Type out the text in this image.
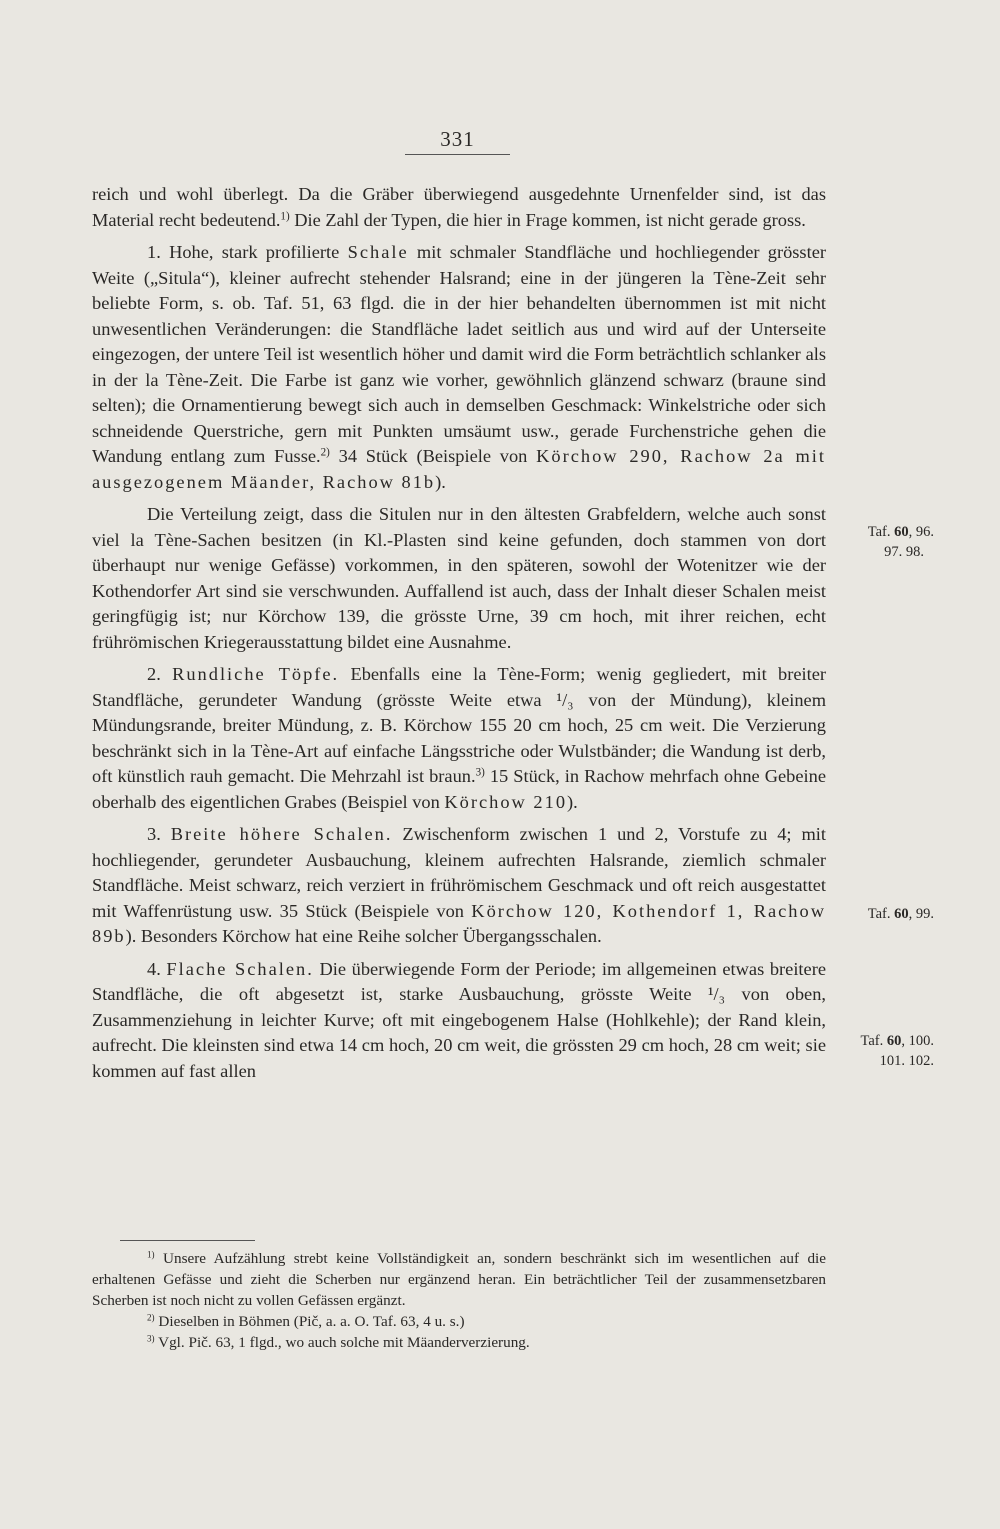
331

reich und wohl überlegt. Da die Gräber überwiegend ausgedehnte Urnenfelder sind, ist das Material recht bedeutend.$^{1)}$ Die Zahl der Typen, die hier in Frage kommen, ist nicht gerade gross.

1. Hohe, stark profilierte Schale mit schmaler Standfläche und hochliegender grösster Weite („Situla“), kleiner aufrecht stehender Halsrand; eine in der jüngeren la Tène-Zeit sehr beliebte Form, s. ob. Taf. 51, 63 flgd. die in der hier behandelten übernommen ist mit nicht unwesentlichen Veränderungen: die Standfläche ladet seitlich aus und wird auf der Unterseite eingezogen, der untere Teil ist wesentlich höher und damit wird die Form beträchtlich schlanker als in der la Tène-Zeit. Die Farbe ist ganz wie vorher, gewöhnlich glänzend schwarz (braune sind selten); die Ornamentierung bewegt sich auch in demselben Geschmack: Winkelstriche oder sich schneidende Querstriche, gern mit Punkten umsäumt usw., gerade Furchenstriche gehen die Wandung entlang zum Fusse.$^{2)}$ 34 Stück (Beispiele von Körchow 290, Rachow 2a mit ausgezogenem Mäander, Rachow 81b).

Die Verteilung zeigt, dass die Situlen nur in den ältesten Grabfeldern, welche auch sonst viel la Tène-Sachen besitzen (in Kl.-Plasten sind keine gefunden, doch stammen von dort überhaupt nur wenige Gefässe) vorkommen, in den späteren, sowohl der Wotenitzer wie der Kothendorfer Art sind sie verschwunden. Auffallend ist auch, dass der Inhalt dieser Schalen meist geringfügig ist; nur Körchow 139, die grösste Urne, 39 cm hoch, mit ihrer reichen, echt frührömischen Kriegerausstattung bildet eine Ausnahme.

2. Rundliche Töpfe. Ebenfalls eine la Tène-Form; wenig gegliedert, mit breiter Standfläche, gerundeter Wandung (grösste Weite etwa ¹/₃ von der Mündung), kleinem Mündungsrande, breiter Mündung, z. B. Körchow 155 20 cm hoch, 25 cm weit. Die Verzierung beschränkt sich in la Tène-Art auf einfache Längsstriche oder Wulstbänder; die Wandung ist derb, oft künstlich rauh gemacht. Die Mehrzahl ist braun.$^{3)}$ 15 Stück, in Rachow mehrfach ohne Gebeine oberhalb des eigentlichen Grabes (Beispiel von Körchow 210).

3. Breite höhere Schalen. Zwischenform zwischen 1 und 2, Vorstufe zu 4; mit hochliegender, gerundeter Ausbauchung, kleinem aufrechten Halsrande, ziemlich schmaler Standfläche. Meist schwarz, reich verziert in frührömischem Geschmack und oft reich ausgestattet mit Waffenrüstung usw. 35 Stück (Beispiele von Körchow 120, Kothendorf 1, Rachow 89b). Besonders Körchow hat eine Reihe solcher Übergangsschalen.

4. Flache Schalen. Die überwiegende Form der Periode; im allgemeinen etwas breitere Standfläche, die oft abgesetzt ist, starke Ausbauchung, grösste Weite ¹/₃ von oben, Zusammenziehung in leichter Kurve; oft mit eingebogenem Halse (Hohlkehle); der Rand klein, aufrecht. Die kleinsten sind etwa 14 cm hoch, 20 cm weit, die grössten 29 cm hoch, 28 cm weit; sie kommen auf fast allen

Taf. 60, 96.
97. 98.
Taf. 60, 99.
Taf. 60, 100.
101. 102.

$^{1)}$ Unsere Aufzählung strebt keine Vollständigkeit an, sondern beschränkt sich im wesentlichen auf die erhaltenen Gefässe und zieht die Scherben nur ergänzend heran. Ein beträchtlicher Teil der zusammensetzbaren Scherben ist noch nicht zu vollen Gefässen ergänzt.

$^{2)}$ Dieselben in Böhmen (Pič, a. a. O. Taf. 63, 4 u. s.)

$^{3)}$ Vgl. Pič. 63, 1 flgd., wo auch solche mit Mäanderverzierung.
